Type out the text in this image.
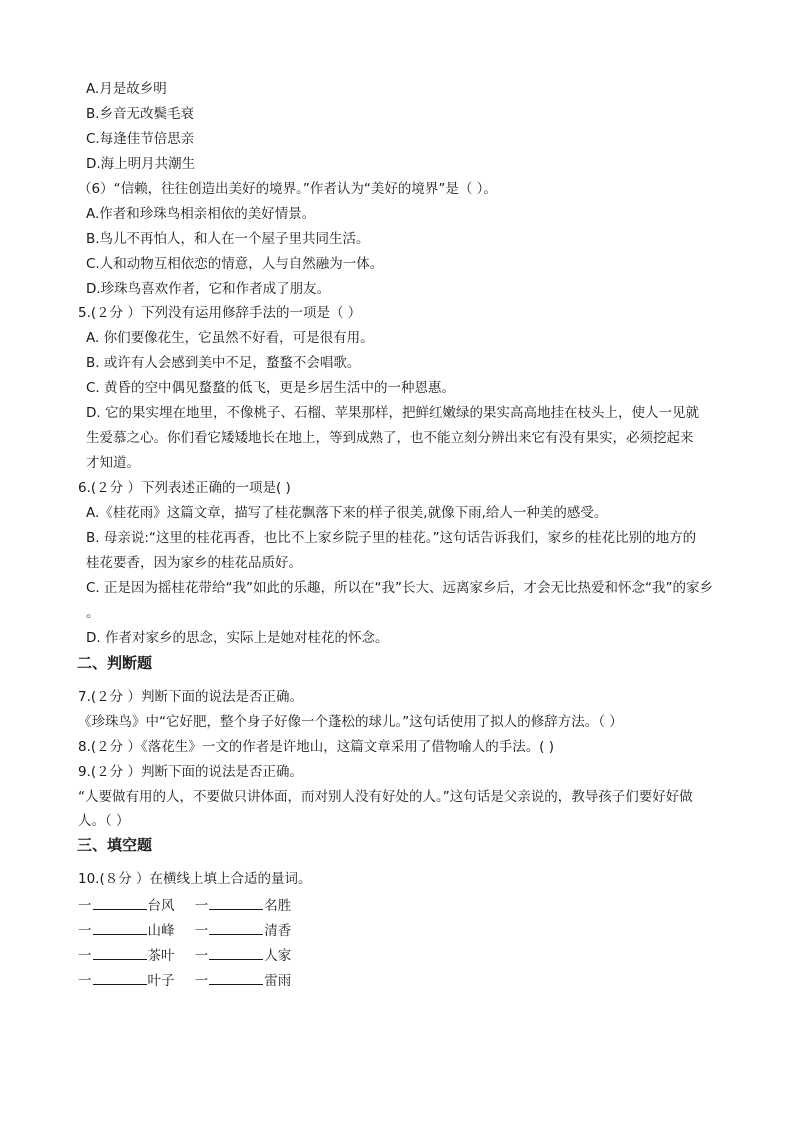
A.月是故乡明
B.乡音无改鬓毛衰
C.每逢佳节倍思亲
D.海上明月共潮生
（6）“信赖，往往创造出美好的境界。”作者认为“美好的境界”是（ ）。
A.作者和珍珠鸟相亲相依的美好情景。
B.鸟儿不再怕人，和人在一个屋子里共同生活。
C.人和动物互相依恋的情意，人与自然融为一体。
D.珍珠鸟喜欢作者，它和作者成了朋友。
5.(２分 ）下列没有运用修辞手法的一项是（ ）
A. 你们要像花生，它虽然不好看，可是很有用。
B. 或许有人会感到美中不足，蝥蝥不会唱歌。
C. 黄昏的空中偶见蝥蝥的低飞，更是乡居生活中的一种恩惠。
D. 它的果实埋在地里，不像桃子、石榴、苹果那样，把鲜红嫩绿的果实高高地挂在枝头上，使人一见就
生爱慕之心。你们看它矮矮地长在地上，等到成熟了，也不能立刻分辨出来它有没有果实，必须挖起来
才知道。
6.(２分 ）下列表述正确的一项是( )
A.《桂花雨》这篇文章，描写了桂花飘落下来的样子很美,就像下雨,给人一种美的感受。
B. 母亲说:“这里的桂花再香，也比不上家乡院子里的桂花。”这句话告诉我们，家乡的桂花比别的地方的
桂花要香，因为家乡的桂花品质好。
C. 正是因为摇桂花带给“我”如此的乐趣，所以在“我”长大、远离家乡后，才会无比热爱和怀念“我”的家乡
。
D. 作者对家乡的思念，实际上是她对桂花的怀念。
二、判断题
7.(２分 ）判断下面的说法是否正确。
《珍珠鸟》中“它好肥，整个身子好像一个蓬松的球儿。”这句话使用了拟人的修辞方法。（ ）
8.(２分 ）《落花生》一文的作者是许地山，这篇文章采用了借物喻人的手法。( )
9.(２分 ）判断下面的说法是否正确。
“人要做有用的人，不要做只讲体面，而对别人没有好处的人。”这句话是父亲说的，教导孩子们要好好做
人。（ ）
三、填空题
10.(８分 ）在横线上填上合适的量词。
一	台风 一	名胜
一	山峰 一	清香
一	茶叶 一	人家
一	叶子 一	雷雨
